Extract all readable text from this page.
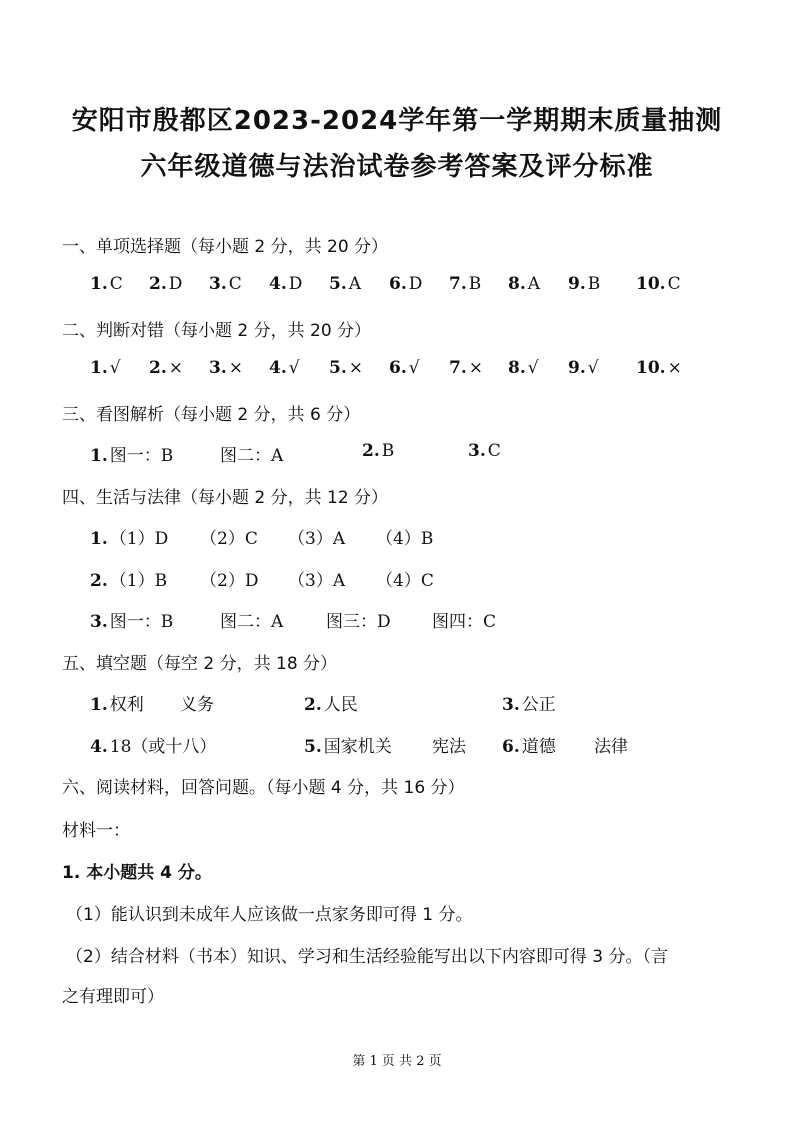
安阳市殷都区2023-2024学年第一学期期末质量抽测
六年级道德与法治试卷参考答案及评分标准
一、单项选择题（每小题 2 分，共 20 分）
1. C 2. D 3. C 4. D 5. A 6. D 7. B 8. A 9. B 10. C
二、判断对错（每小题 2 分，共 20 分）
1. √ 2. × 3. × 4. √ 5. × 6. √ 7. × 8. √ 9. √ 10. ×
三、看图解析（每小题 2 分，共 6 分）
1. 图一：B	图二：A	2. B	3. C
四、生活与法律（每小题 2 分，共 12 分）
1. （1）D （2）C （3）A （4）B
2. （1）B （2）D （3）A （4）C
3. 图一：B	图二：A	图三：D 图四：C
五、填空题（每空 2 分，共 18 分）
1. 权利 义务	2. 人民	3. 公正
4. 18（或十八）	5. 国家机关 宪法 6. 道德 法律
六、阅读材料，回答问题。（每小题 4 分，共 16 分）
材料一：
1. 本小题共 4 分。
（1）能认识到未成年人应该做一点家务即可得 1 分。
（2）结合材料（书本）知识、学习和生活经验能写出以下内容即可得 3 分。（言
之有理即可）
第 1 页 共 2 页
